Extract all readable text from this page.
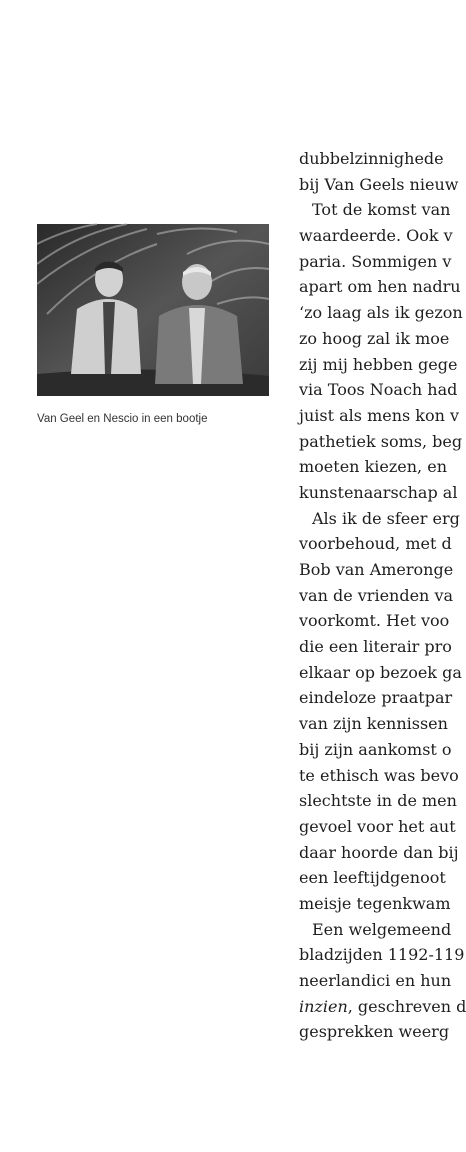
Van Geel en Nescio in een bootje
dubbelzinnighede
bij Van Geels nieuw
Tot de komst van
waardeerde. Ook v
paria. Sommigen v
apart om hen nadru
‘zo laag als ik gezon
zo hoog zal ik moe
zij mij hebben gege
via Toos Noach had
juist als mens kon v
pathetiek soms, beg
moeten kiezen, en
kunstenaarschap al
Als ik de sfeer erg
voorbehoud, met d
Bob van Ameronge
van de vrienden va
voorkomt. Het voo
die een literair pro
elkaar op bezoek ga
eindeloze praatpar
van zijn kennissen
bij zijn aankomst o
te ethisch was bevo
slechtste in de men
gevoel voor het aut
daar hoorde dan bij
een leeftijdgenoot
meisje tegenkwam
Een welgemeend
bladzijden 1192-119
neerlandici en hun
inzien, geschreven d
gesprekken weerg
